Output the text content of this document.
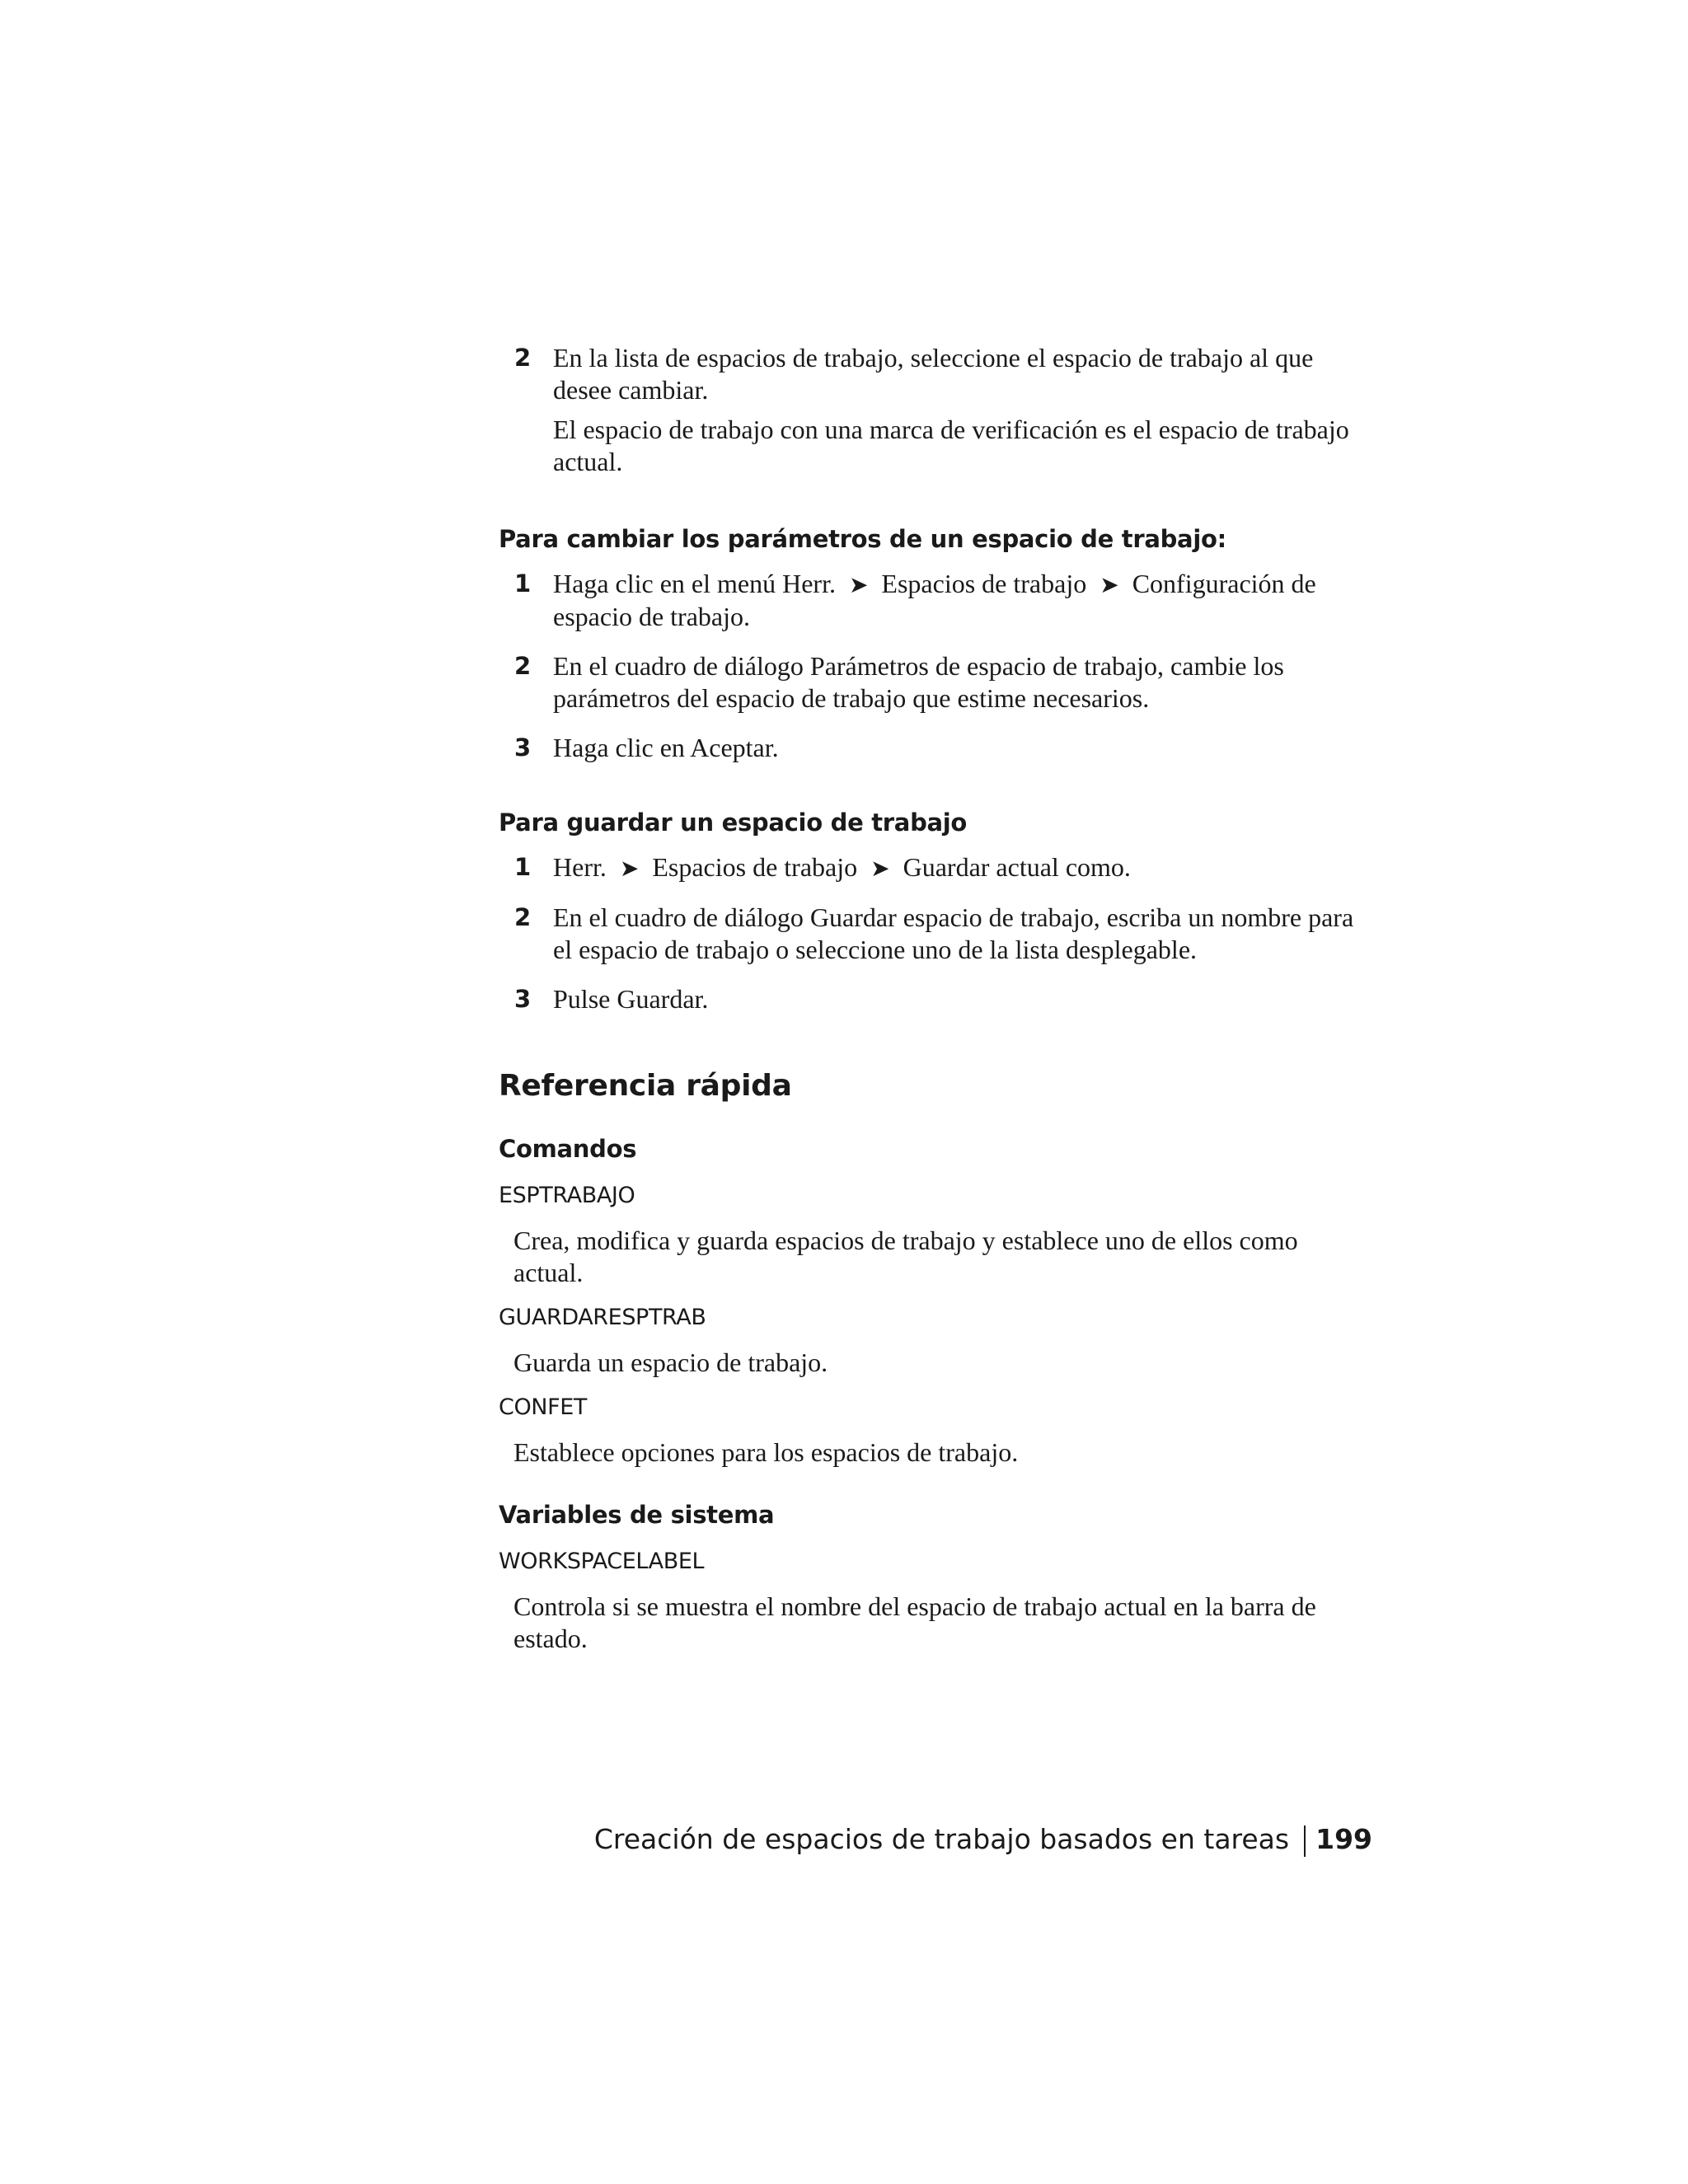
2 En la lista de espacios de trabajo, seleccione el espacio de trabajo al que desee cambiar.

El espacio de trabajo con una marca de verificación es el espacio de trabajo actual.

Para cambiar los parámetros de un espacio de trabajo:
1 Haga clic en el menú Herr. ➤ Espacios de trabajo ➤ Configuración de espacio de trabajo.

2 En el cuadro de diálogo Parámetros de espacio de trabajo, cambie los parámetros del espacio de trabajo que estime necesarios.

3 Haga clic en Aceptar.

Para guardar un espacio de trabajo
1 Herr. ➤ Espacios de trabajo ➤ Guardar actual como.

2 En el cuadro de diálogo Guardar espacio de trabajo, escriba un nombre para el espacio de trabajo o seleccione uno de la lista desplegable.

3 Pulse Guardar.

Referencia rápida
Comandos

ESPTRABAJO

Crea, modifica y guarda espacios de trabajo y establece uno de ellos como actual.

GUARDARESPTRAB

Guarda un espacio de trabajo.

CONFET

Establece opciones para los espacios de trabajo.

Variables de sistema

WORKSPACELABEL

Controla si se muestra el nombre del espacio de trabajo actual en la barra de estado.

Creación de espacios de trabajo basados en tareas 199
